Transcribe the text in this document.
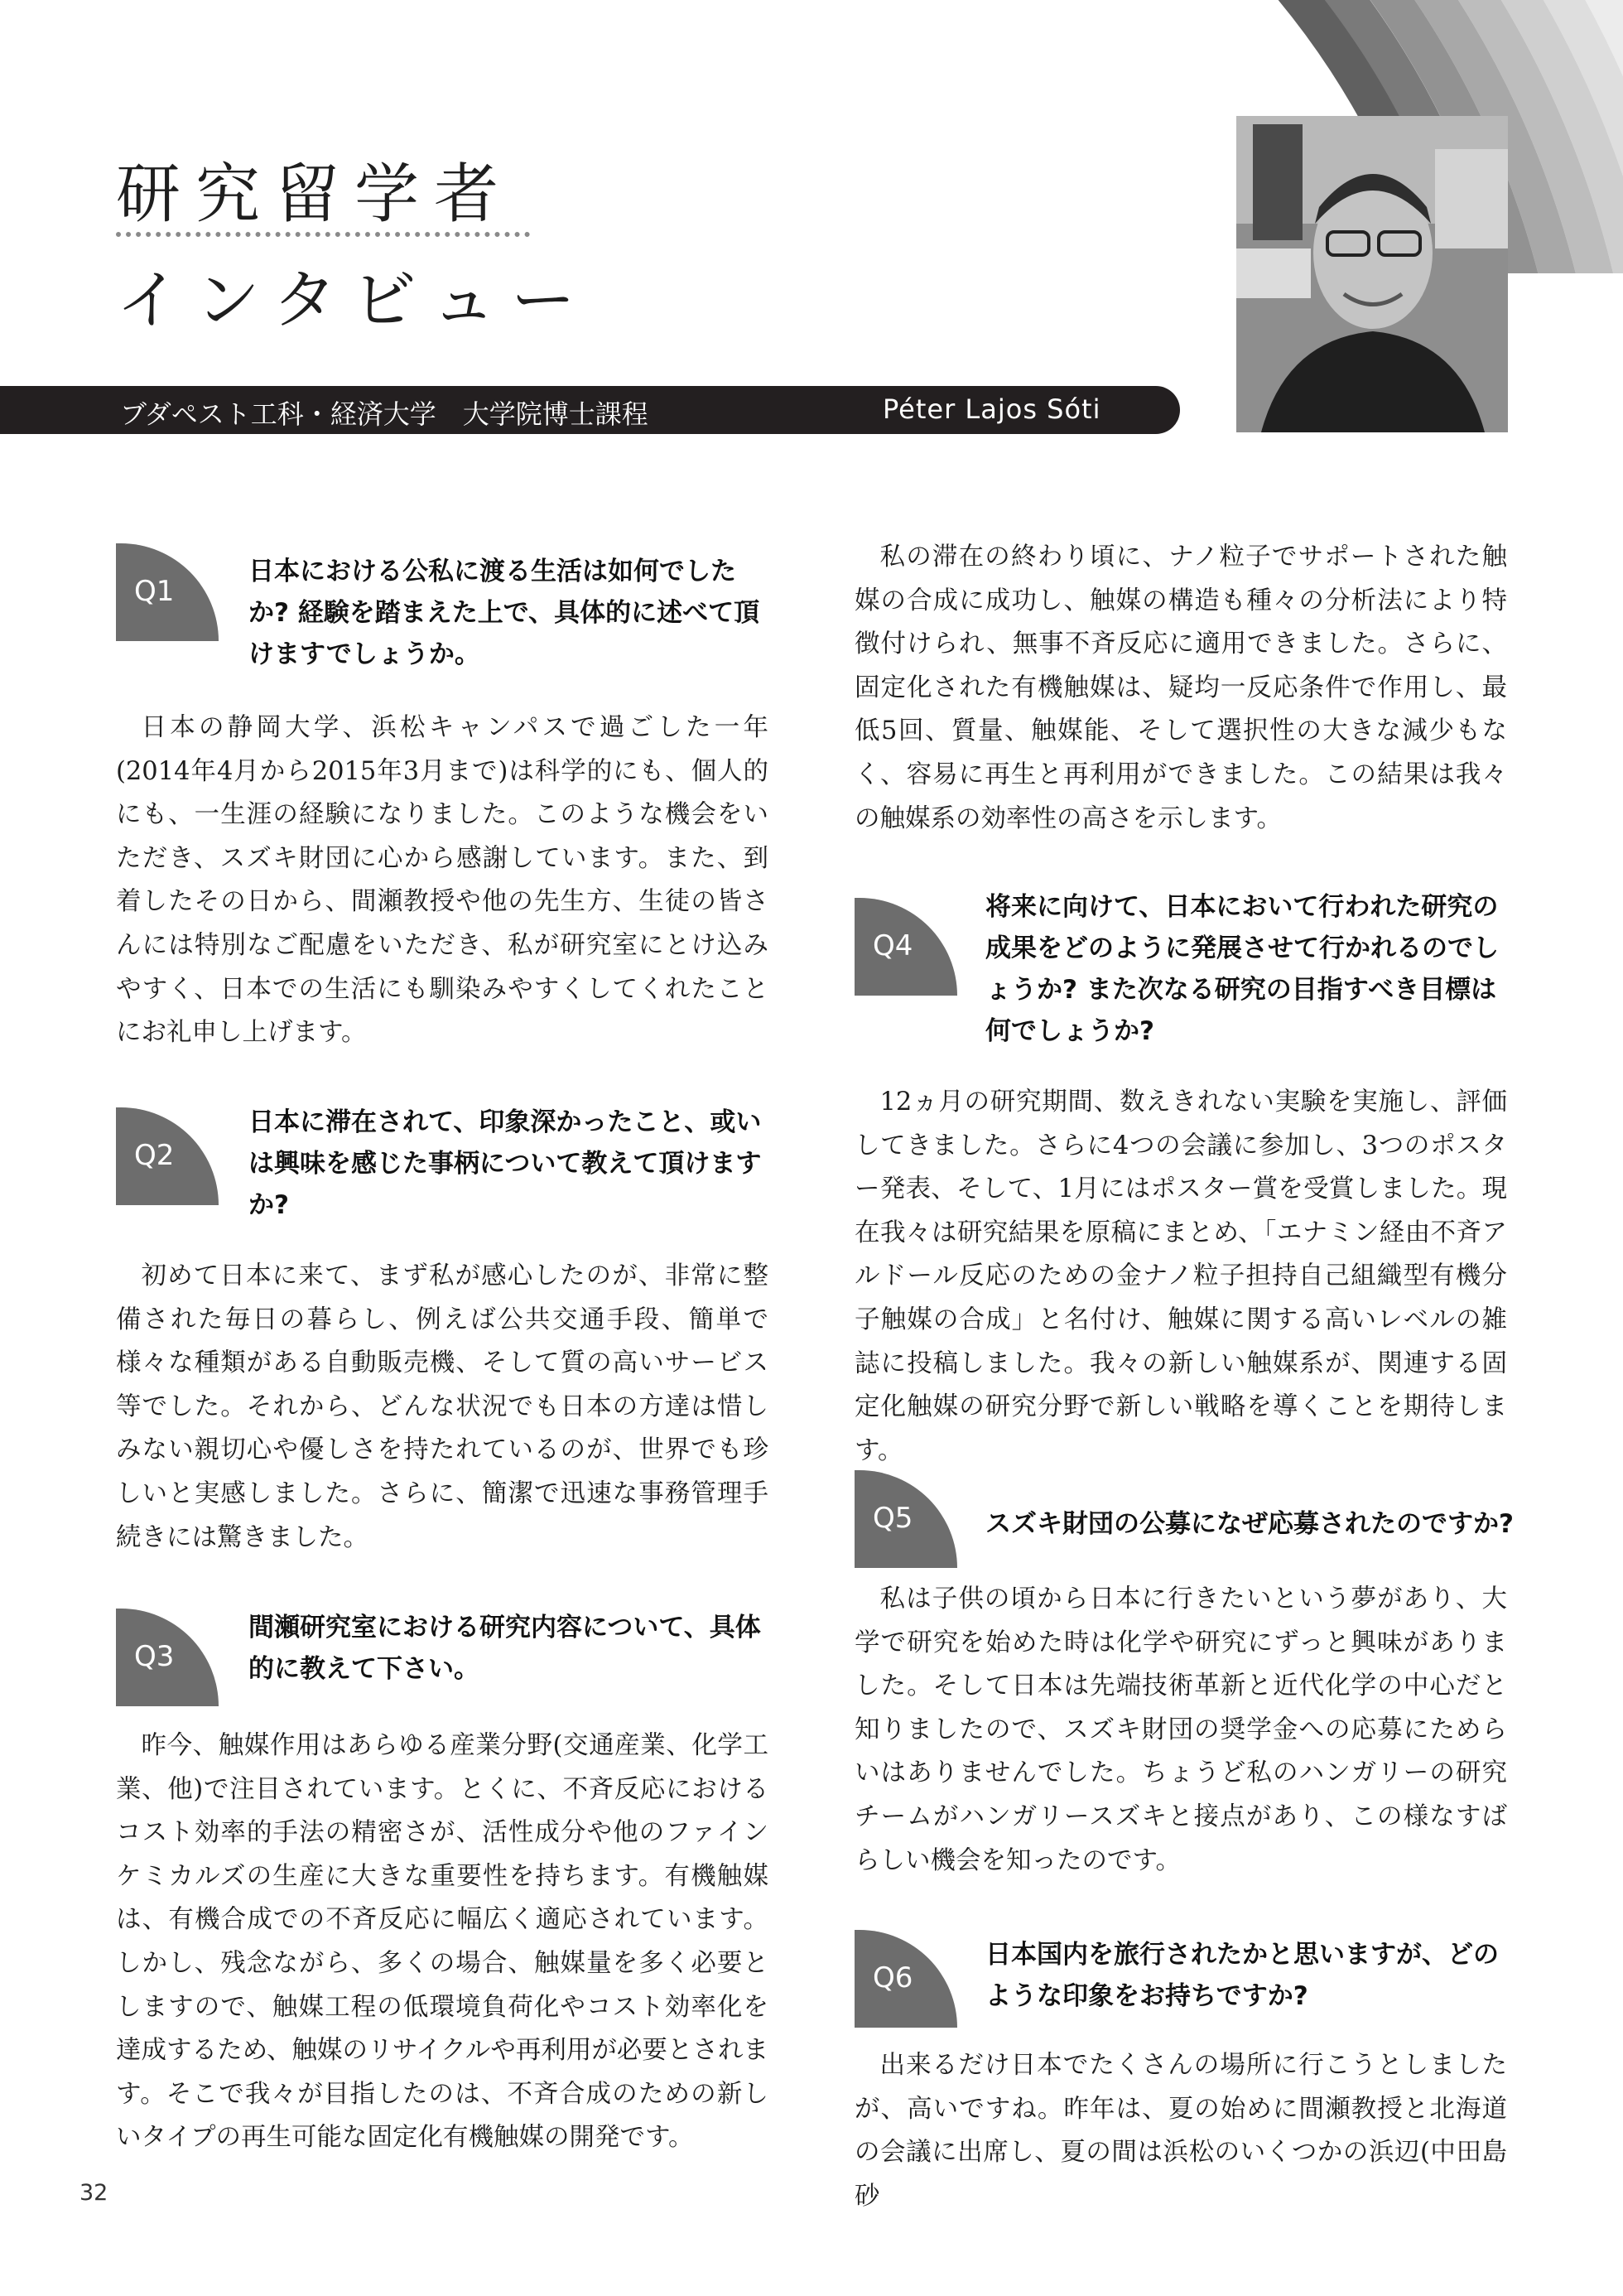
研究留学者
インタビュー
ブダペスト工科・経済大学　大学院博士課程	Péter Lajos Sóti
Q1
日本における公私に渡る生活は如何でしたか? 経験を踏まえた上で、具体的に述べて頂けますでしょうか。

日本の静岡大学、浜松キャンパスで過ごした一年(2014年4月から2015年3月まで)は科学的にも、個人的にも、一生涯の経験になりました。このような機会をいただき、スズキ財団に心から感謝しています。また、到着したその日から、間瀬教授や他の先生方、生徒の皆さんには特別なご配慮をいただき、私が研究室にとけ込みやすく、日本での生活にも馴染みやすくしてくれたことにお礼申し上げます。

Q2
日本に滞在されて、印象深かったこと、或いは興味を感じた事柄について教えて頂けますか?

初めて日本に来て、まず私が感心したのが、非常に整備された毎日の暮らし、例えば公共交通手段、簡単で様々な種類がある自動販売機、そして質の高いサービス等でした。それから、どんな状況でも日本の方達は惜しみない親切心や優しさを持たれているのが、世界でも珍しいと実感しました。さらに、簡潔で迅速な事務管理手続きには驚きました。

Q3
間瀬研究室における研究内容について、具体的に教えて下さい。

昨今、触媒作用はあらゆる産業分野(交通産業、化学工業、他)で注目されています。とくに、不斉反応におけるコスト効率的手法の精密さが、活性成分や他のファインケミカルズの生産に大きな重要性を持ちます。有機触媒は、有機合成での不斉反応に幅広く適応されています。しかし、残念ながら、多くの場合、触媒量を多く必要としますので、触媒工程の低環境負荷化やコスト効率化を達成するため、触媒のリサイクルや再利用が必要とされます。そこで我々が目指したのは、不斉合成のための新しいタイプの再生可能な固定化有機触媒の開発です。

私の滞在の終わり頃に、ナノ粒子でサポートされた触媒の合成に成功し、触媒の構造も種々の分析法により特徴付けられ、無事不斉反応に適用できました。さらに、固定化された有機触媒は、疑均一反応条件で作用し、最低5回、質量、触媒能、そして選択性の大きな減少もなく、容易に再生と再利用ができました。この結果は我々の触媒系の効率性の高さを示します。

Q4
将来に向けて、日本において行われた研究の成果をどのように発展させて行かれるのでしょうか? また次なる研究の目指すべき目標は何でしょうか?

12ヵ月の研究期間、数えきれない実験を実施し、評価してきました。さらに4つの会議に参加し、3つのポスター発表、そして、1月にはポスター賞を受賞しました。現在我々は研究結果を原稿にまとめ、「エナミン経由不斉アルドール反応のための金ナノ粒子担持自己組織型有機分子触媒の合成」と名付け、触媒に関する高いレベルの雑誌に投稿しました。我々の新しい触媒系が、関連する固定化触媒の研究分野で新しい戦略を導くことを期待します。

Q5	スズキ財団の公募になぜ応募されたのですか?

私は子供の頃から日本に行きたいという夢があり、大学で研究を始めた時は化学や研究にずっと興味がありました。そして日本は先端技術革新と近代化学の中心だと知りましたので、スズキ財団の奨学金への応募にためらいはありませんでした。ちょうど私のハンガリーの研究チームがハンガリースズキと接点があり、この様なすばらしい機会を知ったのです。

Q6
日本国内を旅行されたかと思いますが、どのような印象をお持ちですか?

出来るだけ日本でたくさんの場所に行こうとしましたが、高いですね。昨年は、夏の始めに間瀬教授と北海道の会議に出席し、夏の間は浜松のいくつかの浜辺(中田島砂

32
